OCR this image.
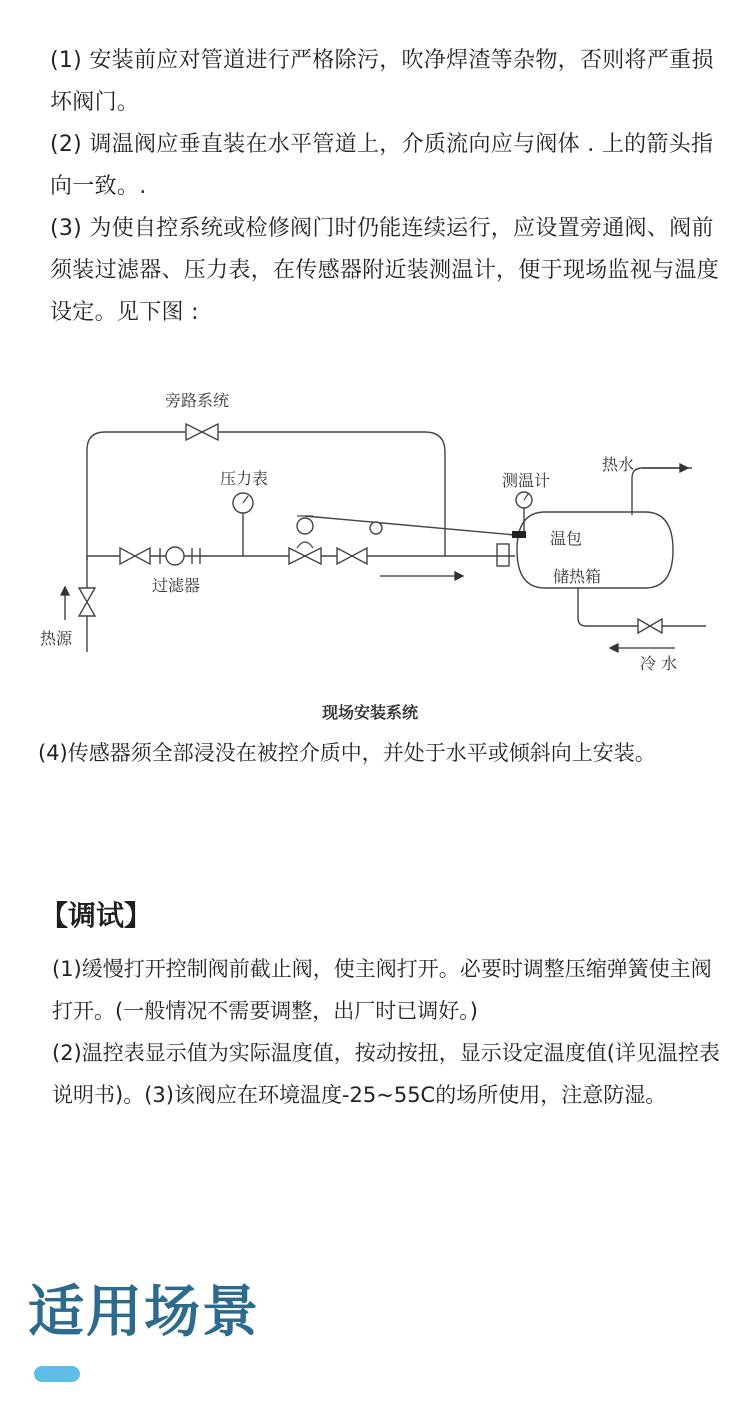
(1) 安装前应对管道进行严格除污，吹净焊渣等杂物，否则将严重损坏阀门。

(2) 调温阀应垂直装在水平管道上，介质流向应与阀体 . 上的箭头指向一致。.

(3) 为使自控系统或检修阀门时仍能连续运行，应设置旁通阀、阀前须装过滤器、压力表，在传感器附近装测温计，便于现场监视与温度设定。见下图 :

旁路系统
压力表	测温计
热水
温包
储热箱
过滤器
热源
冷 水
现场安装系统

(4)传感器须全部浸没在被控介质中，并处于水平或倾斜向上安装。

【调试】

(1)缓慢打开控制阀前截止阀，使主阀打开。必要时调整压缩弹簧使主阀打开。(一般情况不需要调整，出厂时已调好。)

(2)温控表显示值为实际温度值，按动按扭，显示设定温度值(详见温控表说明书)。(3)该阀应在环境温度-25~55C的场所使用，注意防湿。

适用场景
